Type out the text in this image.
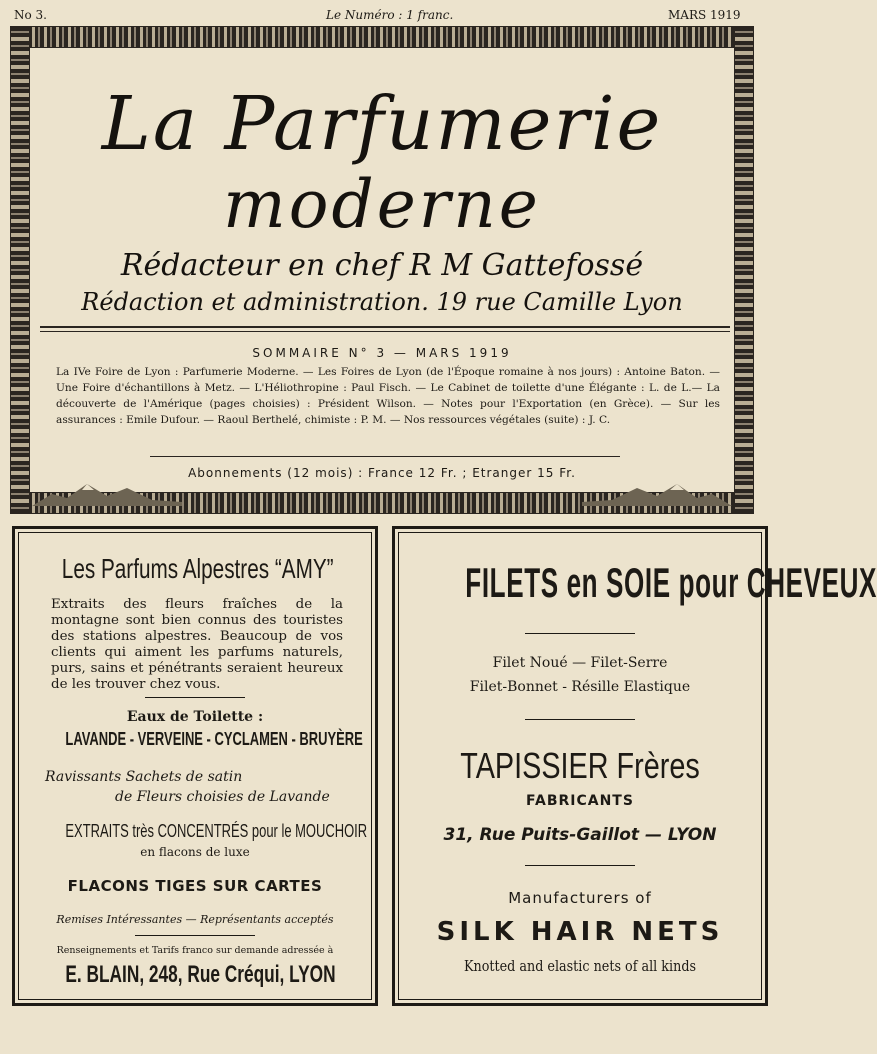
No 3.	Le Numéro : 1 franc.	MARS 1919
La Parfumerie
moderne
Rédacteur en chef R M Gattefossé
Rédaction et administration. 19 rue Camille Lyon
SOMMAIRE N° 3 — MARS 1919
La IVe Foire de Lyon : Parfumerie Moderne. — Les Foires de Lyon (de l'Époque romaine à nos jours) : Antoine Baton. — Une Foire d'échantillons à Metz. — L'Héliothropine : Paul Fisch. — Le Cabinet de toilette d'une Élégante : L. de L.— La découverte de l'Amérique (pages choisies) : Président Wilson. — Notes pour l'Exportation (en Grèce). — Sur les assurances : Emile Dufour. — Raoul Berthelé, chimiste : P. M. — Nos ressources végétales (suite) : J. C.
Abonnements (12 mois) : France 12 Fr. ; Etranger 15 Fr.
Les Parfums Alpestres “AMY”
Extraits des fleurs fraîches de la montagne sont bien connus des touristes des stations alpestres. Beaucoup de vos clients qui aiment les parfums naturels, purs, sains et pénétrants seraient heureux de les trouver chez vous.
Eaux de Toilette :
LAVANDE - VERVEINE - CYCLAMEN - BRUYÈRE
Ravissants Sachets de satin
de Fleurs choisies de Lavande
EXTRAITS très CONCENTRÉS pour le MOUCHOIR
en flacons de luxe
FLACONS TIGES SUR CARTES
Remises Intéressantes — Représentants acceptés
Renseignements et Tarifs franco sur demande adressée à
E. BLAIN, 248, Rue Créqui, LYON
FILETS en SOIE pour CHEVEUX
Filet Noué — Filet-Serre
Filet-Bonnet - Résille Elastique
TAPISSIER Frères
FABRICANTS
31, Rue Puits-Gaillot — LYON
Manufacturers of
SILK HAIR NETS
Knotted and elastic nets of all kinds
